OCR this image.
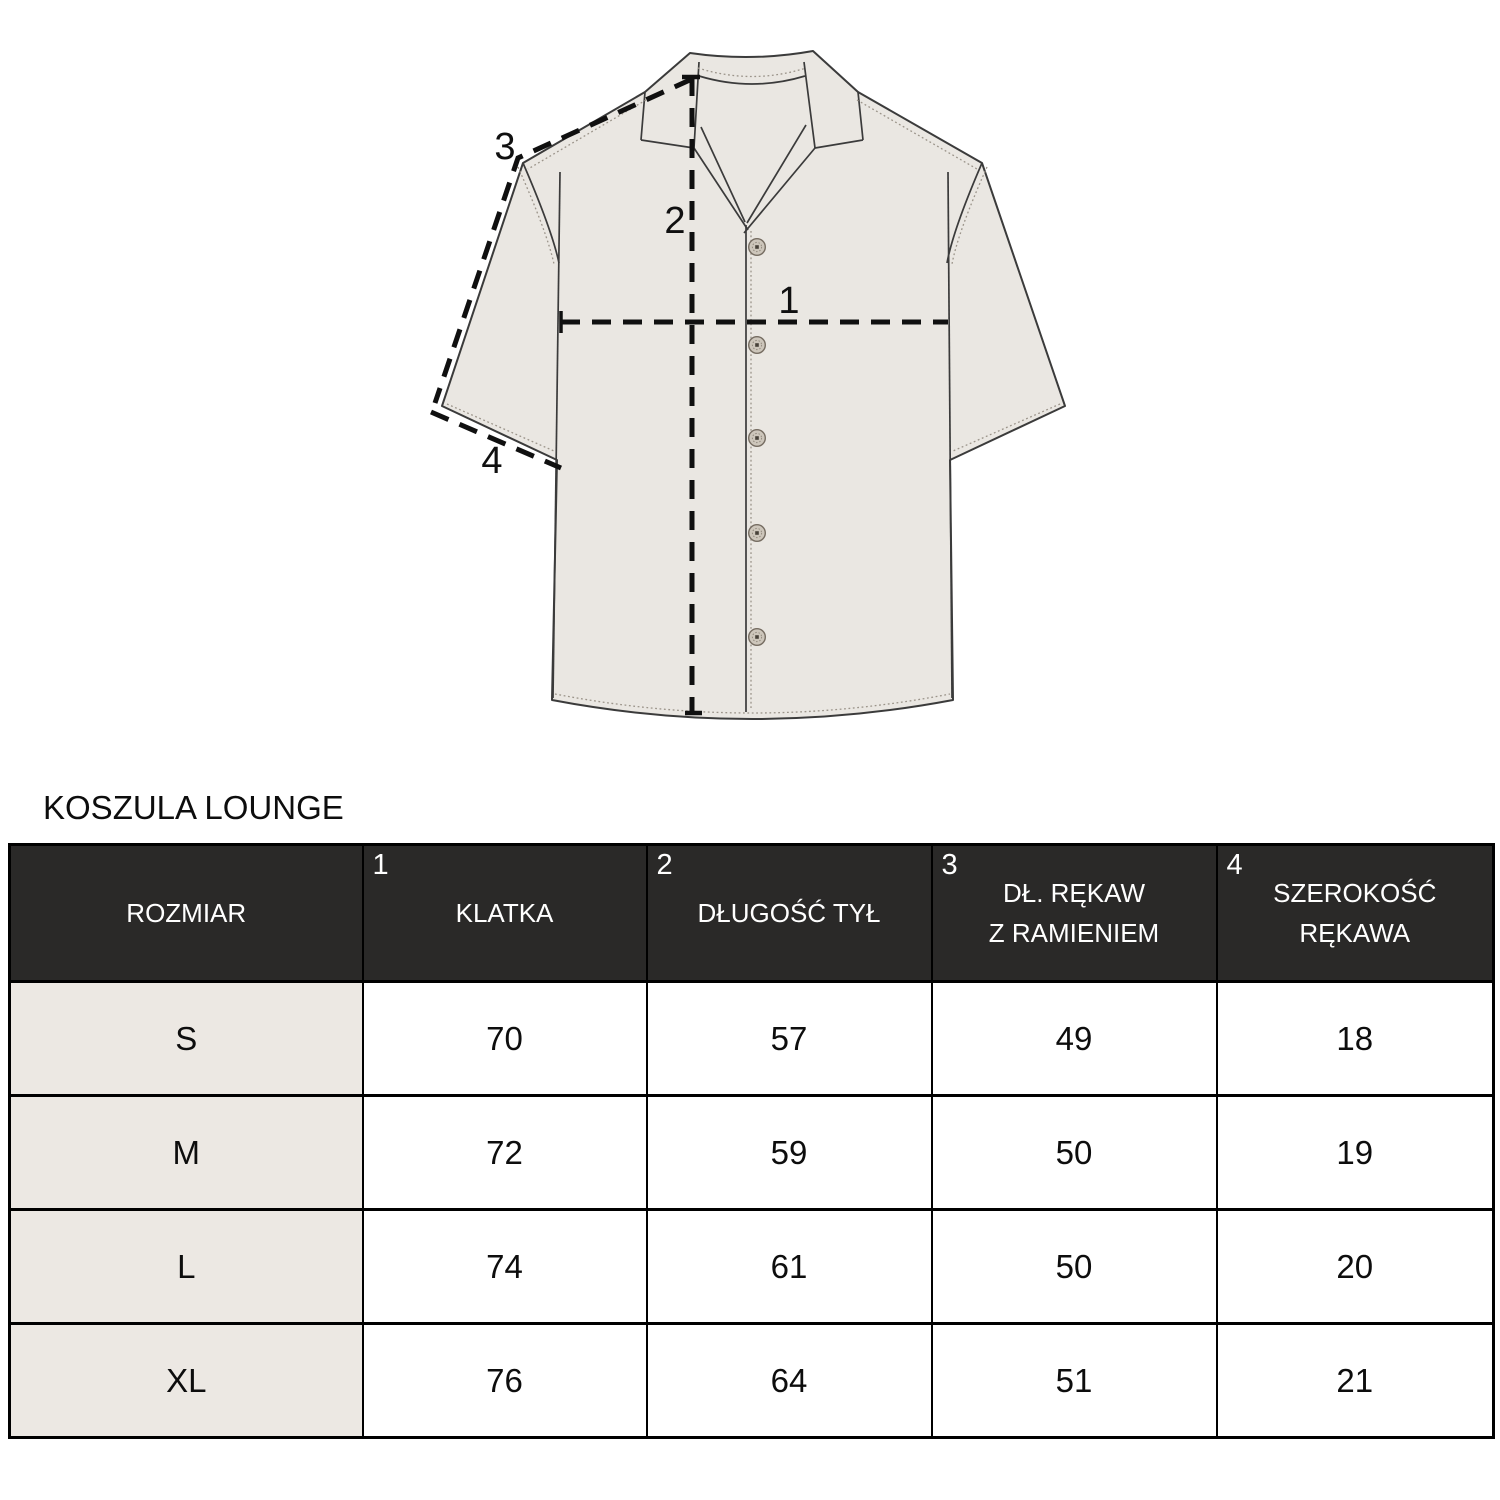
1
2
3
4
KOSZULA LOUNGE
ROZMIAR

1
KLATKA

2
DŁUGOŚĆ TYŁ

3
DŁ. RĘKAW
Z RAMIENIEM

4
SZEROKOŚĆ
RĘKAWA

S	70	57	49	18
M	72	59	50	19
L	74	61	50	20
XL	76	64	51	21
